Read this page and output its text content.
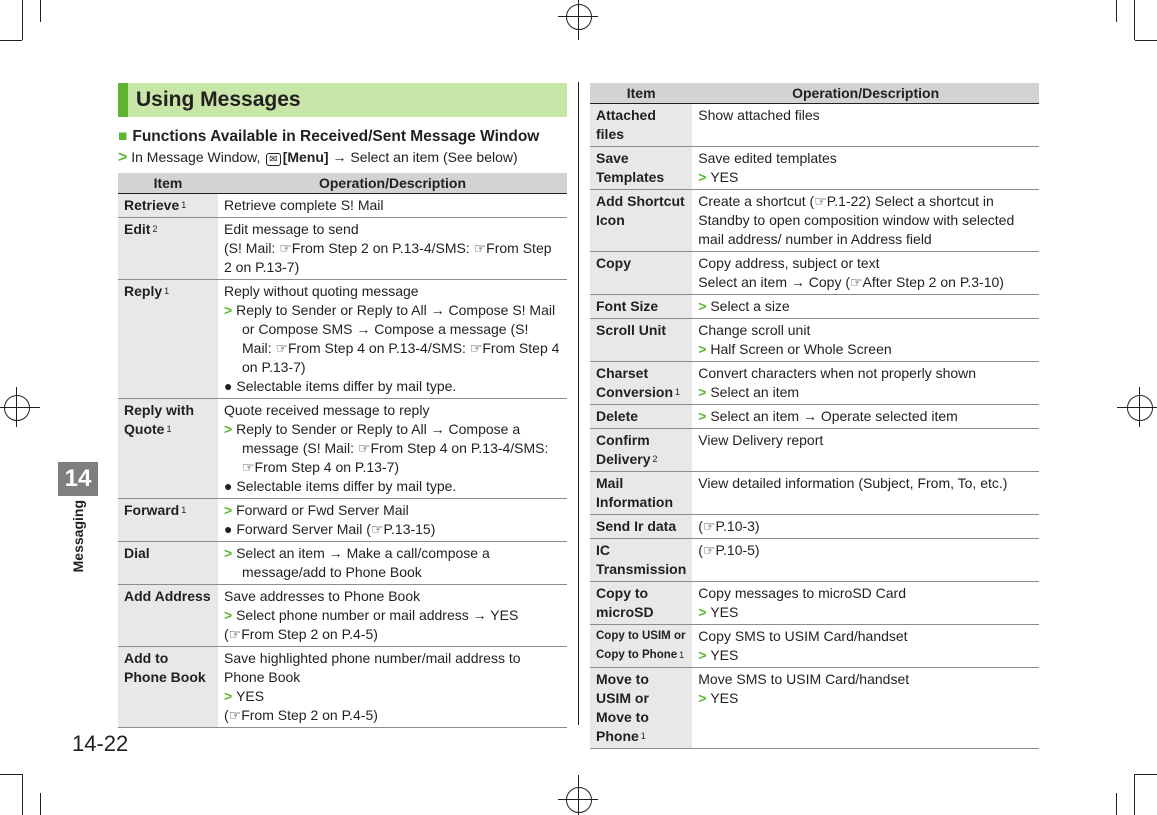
14
Messaging
14-22
Using Messages
■ Functions Available in Received/Sent Message Window
> In Message Window, ✉ [Menu] → Select an item (See below)
Item	Operation/Description
Retrieve $^1$	Retrieve complete S! Mail

Edit $^2$	Edit message to send
(S! Mail: ☞From Step 2 on P.13-4/SMS: ☞From Step 2 on P.13-7)

Reply $^1$	Reply without quoting message
> Reply to Sender or Reply to All → Compose S! Mail or Compose SMS → Compose a message (S! Mail: ☞From Step 4 on P.13-4/SMS: ☞From Step 4 on P.13-7)
● Selectable items differ by mail type.

Reply with Quote $^1$	Quote received message to reply
> Reply to Sender or Reply to All → Compose a message (S! Mail: ☞From Step 4 on P.13-4/SMS: ☞From Step 4 on P.13-7)
● Selectable items differ by mail type.

Forward $^1$	> Forward or Fwd Server Mail
● Forward Server Mail (☞P.13-15)

Dial	> Select an item → Make a call/compose a message/add to Phone Book

Add Address	Save addresses to Phone Book
> Select phone number or mail address → YES
(☞From Step 2 on P.4-5)

Add to Phone Book	Save highlighted phone number/mail address to Phone Book
> YES
(☞From Step 2 on P.4-5)
Item	Operation/Description
Attached files	Show attached files

Save Templates	Save edited templates
> YES

Add Shortcut Icon	Create a shortcut (☞P.1-22) Select a shortcut in Standby to open composition window with selected mail address/ number in Address field

Copy	Copy address, subject or text
Select an item → Copy (☞After Step 2 on P.3-10)

Font Size	> Select a size

Scroll Unit	Change scroll unit
> Half Screen or Whole Screen

Charset Conversion $^1$	Convert characters when not properly shown
> Select an item

Delete	> Select an item → Operate selected item

Confirm Delivery $^2$	View Delivery report

Mail Information	View detailed information (Subject, From, To, etc.)

Send Ir data	(☞P.10-3)

IC Transmission	(☞P.10-5)

Copy to microSD	Copy messages to microSD Card
> YES

Copy to USIM or Copy to Phone $^1$	Copy SMS to USIM Card/handset
> YES

Move to USIM or Move to Phone $^1$	Move SMS to USIM Card/handset
> YES
